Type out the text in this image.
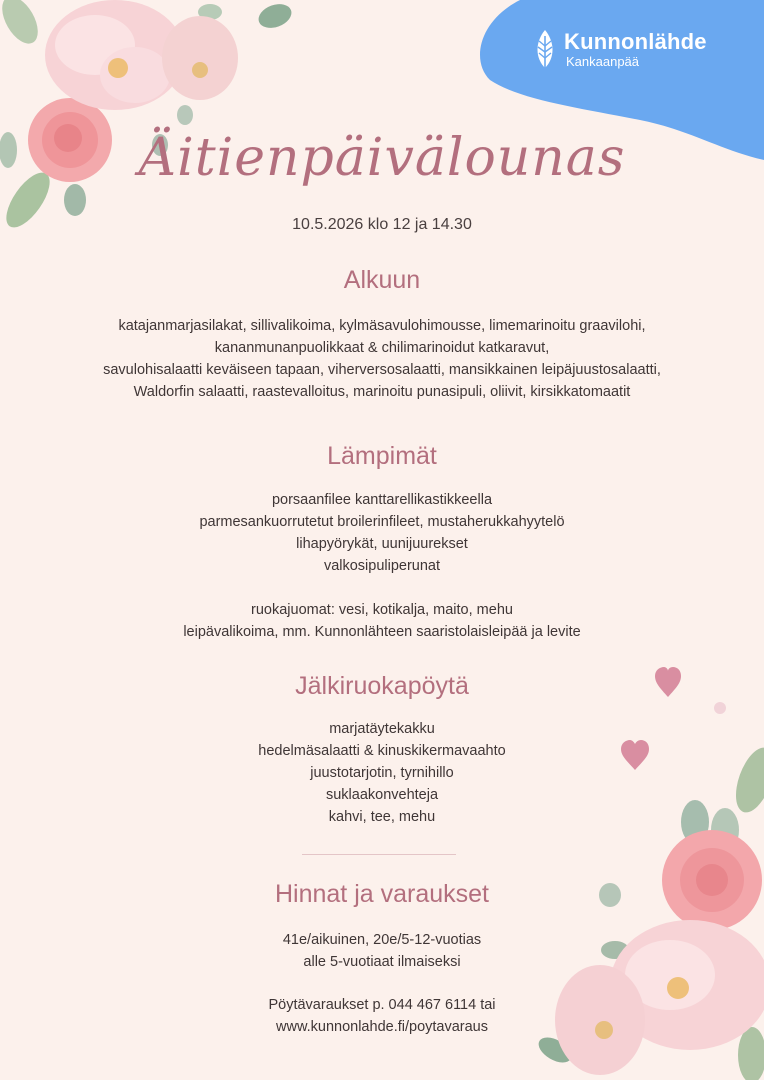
Kunnonlähde
Kankaanpää
Äitienpäivälounas
10.5.2026 klo 12 ja 14.30
Alkuun
katajanmarjasilakat, sillivalikoima, kylmäsavulohimousse, limemarinoitu graavilohi,
kananmunanpuolikkaat & chilimarinoidut katkaravut,
savulohisalaatti keväiseen tapaan, viherversosalaatti, mansikkainen leipäjuustosalaatti,
Waldorfin salaatti, raastevalloitus, marinoitu punasipuli, oliivit, kirsikkatomaatit
Lämpimät
porsaanfilee kanttarellikastikkeella
parmesankuorrutetut broilerinfileet, mustaherukkahyytelö
lihapyörykät, uunijuurekset
valkosipuliperunat
ruokajuomat: vesi, kotikalja, maito, mehu
leipävalikoima, mm. Kunnonlähteen saaristolaisleipää ja levite
Jälkiruokapöytä
marjatäytekakku
hedelmäsalaatti & kinuskikermavaahto
juustotarjotin, tyrnihillo
suklaakonvehteja
kahvi, tee, mehu
Hinnat ja varaukset
41e/aikuinen, 20e/5-12-vuotias
alle 5-vuotiaat ilmaiseksi
Pöytävaraukset p. 044 467 6114 tai
www.kunnonlahde.fi/poytavaraus
